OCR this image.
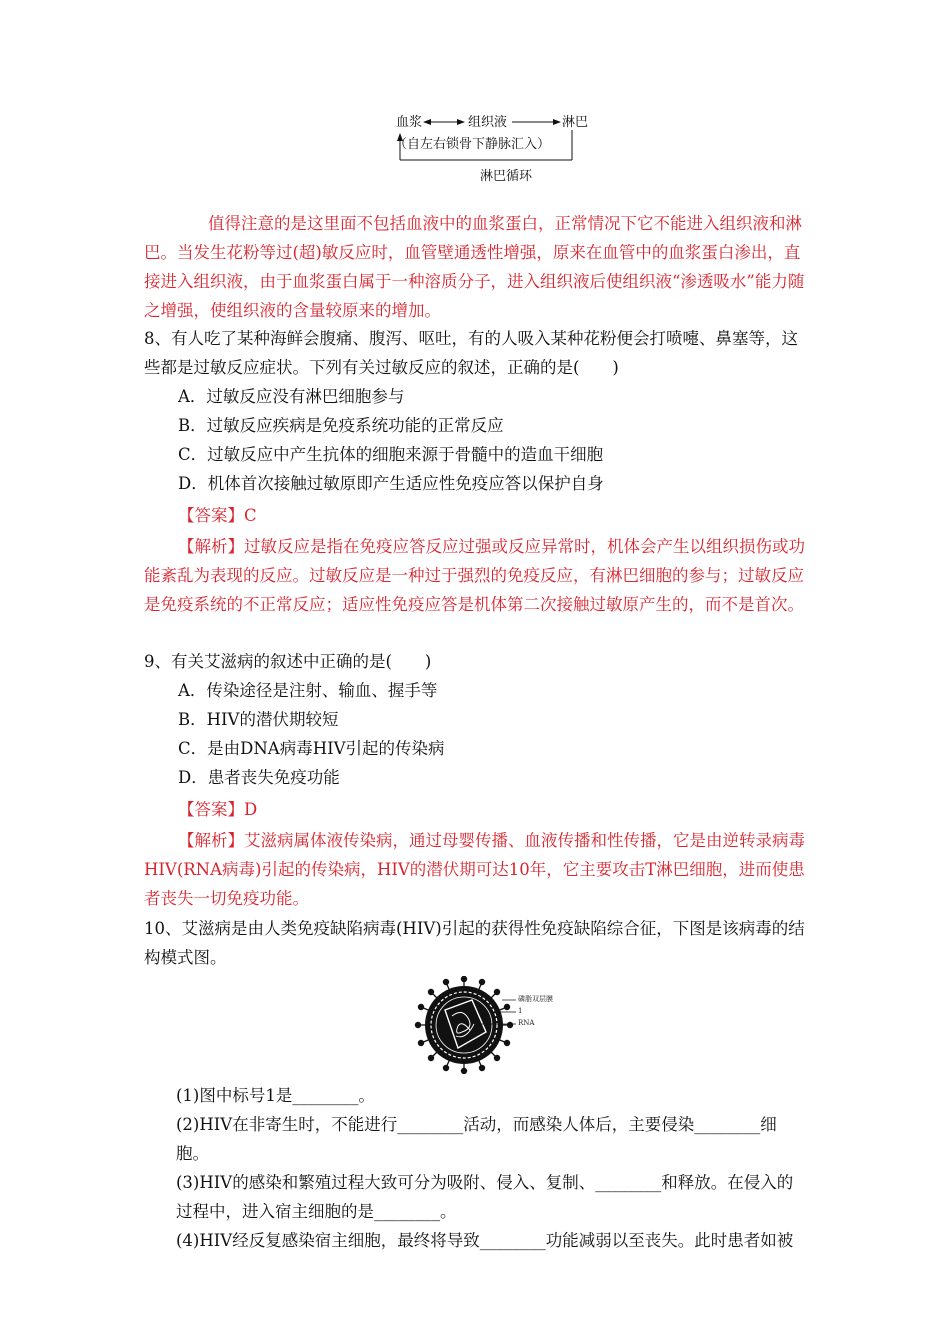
血浆	组织液	淋巴
（自左右锁骨下静脉汇入）
淋巴循环

值得注意的是这里面不包括血液中的血浆蛋白，正常情况下它不能进入组织液和淋巴。当发生花粉等过(超)敏反应时，血管壁通透性增强，原来在血管中的血浆蛋白渗出，直接进入组织液，由于血浆蛋白属于一种溶质分子，进入组织液后使组织液“渗透吸水”能力随之增强，使组织液的含量较原来的增加。

8、有人吃了某种海鲜会腹痛、腹泻、呕吐，有的人吸入某种花粉便会打喷嚏、鼻塞等，这些都是过敏反应症状。下列有关过敏反应的叙述，正确的是(　　)

A．过敏反应没有淋巴细胞参与

B．过敏反应疾病是免疫系统功能的正常反应

C．过敏反应中产生抗体的细胞来源于骨髓中的造血干细胞

D．机体首次接触过敏原即产生适应性免疫应答以保护自身

【答案】C

【解析】过敏反应是指在免疫应答反应过强或反应异常时，机体会产生以组织损伤或功能紊乱为表现的反应。过敏反应是一种过于强烈的免疫反应，有淋巴细胞的参与；过敏反应是免疫系统的不正常反应；适应性免疫应答是机体第二次接触过敏原产生的，而不是首次。

9、有关艾滋病的叙述中正确的是(　　)

A．传染途径是注射、输血、握手等

B．HIV的潜伏期较短

C．是由DNA病毒HIV引起的传染病

D．患者丧失免疫功能

【答案】D

【解析】艾滋病属体液传染病，通过母婴传播、血液传播和性传播，它是由逆转录病毒HIV(RNA病毒)引起的传染病，HIV的潜伏期可达10年，它主要攻击T淋巴细胞，进而使患者丧失一切免疫功能。

10、艾滋病是由人类免疫缺陷病毒(HIV)引起的获得性免疫缺陷综合征，下图是该病毒的结构模式图。

磷脂双层膜
1
RNA

(1)图中标号1是________。

(2)HIV在非寄生时，不能进行________活动，而感染人体后，主要侵染________细胞。

(3)HIV的感染和繁殖过程大致可分为吸附、侵入、复制、________和释放。在侵入的过程中，进入宿主细胞的是________。

(4)HIV经反复感染宿主细胞，最终将导致________功能减弱以至丧失。此时患者如被
